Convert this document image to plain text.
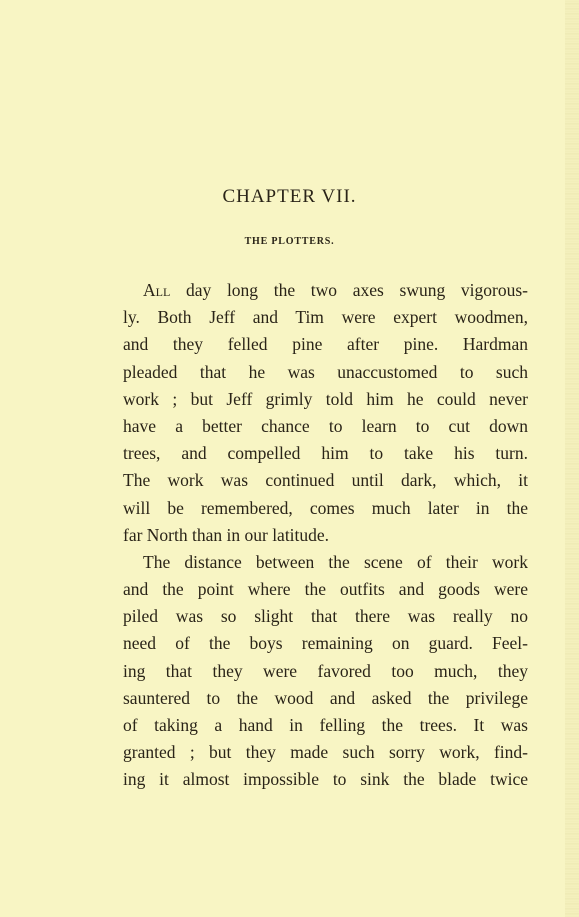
CHAPTER VII.
THE PLOTTERS.
All day long the two axes swung vigorous-
ly. Both Jeff and Tim were expert woodmen,
and they felled pine after pine. Hardman
pleaded that he was unaccustomed to such
work ; but Jeff grimly told him he could never
have a better chance to learn to cut down
trees, and compelled him to take his turn.
The work was continued until dark, which, it
will be remembered, comes much later in the
far North than in our latitude.
The distance between the scene of their work
and the point where the outfits and goods were
piled was so slight that there was really no
need of the boys remaining on guard. Feel-
ing that they were favored too much, they
sauntered to the wood and asked the privilege
of taking a hand in felling the trees. It was
granted ; but they made such sorry work, find-
ing it almost impossible to sink the blade twice
